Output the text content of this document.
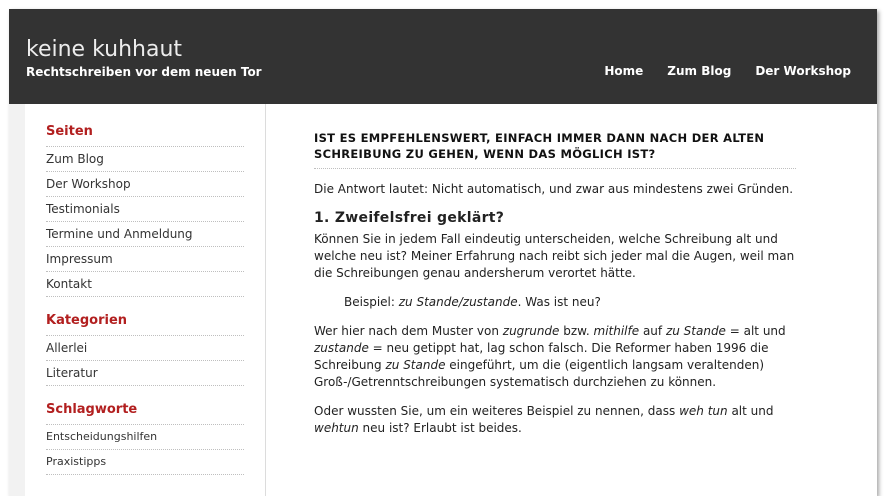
keine kuhhaut
Rechtschreiben vor dem neuen Tor	Home Zum Blog Der Workshop
Seiten
Zum Blog
Der Workshop
Testimonials
Termine und Anmeldung
Impressum
Kontakt
Kategorien
Allerlei
Literatur
Schlagworte
Entscheidungshilfen
Praxistipps
IST ES EMPFEHLENSWERT, EINFACH IMMER DANN NACH DER ALTEN SCHREIBUNG ZU GEHEN, WENN DAS MÖGLICH IST?

Die Antwort lautet: Nicht automatisch, und zwar aus mindestens zwei Gründen.

1. Zweifelsfrei geklärt?

Können Sie in jedem Fall eindeutig unterscheiden, welche Schreibung alt und welche neu ist? Meiner Erfahrung nach reibt sich jeder mal die Augen, weil man die Schreibungen genau andersherum verortet hätte.

Beispiel: zu Stande/zustande. Was ist neu?

Wer hier nach dem Muster von zugrunde bzw. mithilfe auf zu Stande = alt und zustande = neu getippt hat, lag schon falsch. Die Reformer haben 1996 die Schreibung zu Stande eingeführt, um die (eigentlich langsam veraltenden) Groß-/Getrenntschreibungen systematisch durchziehen zu können.

Oder wussten Sie, um ein weiteres Beispiel zu nennen, dass weh tun alt und wehtun neu ist? Erlaubt ist beides.
